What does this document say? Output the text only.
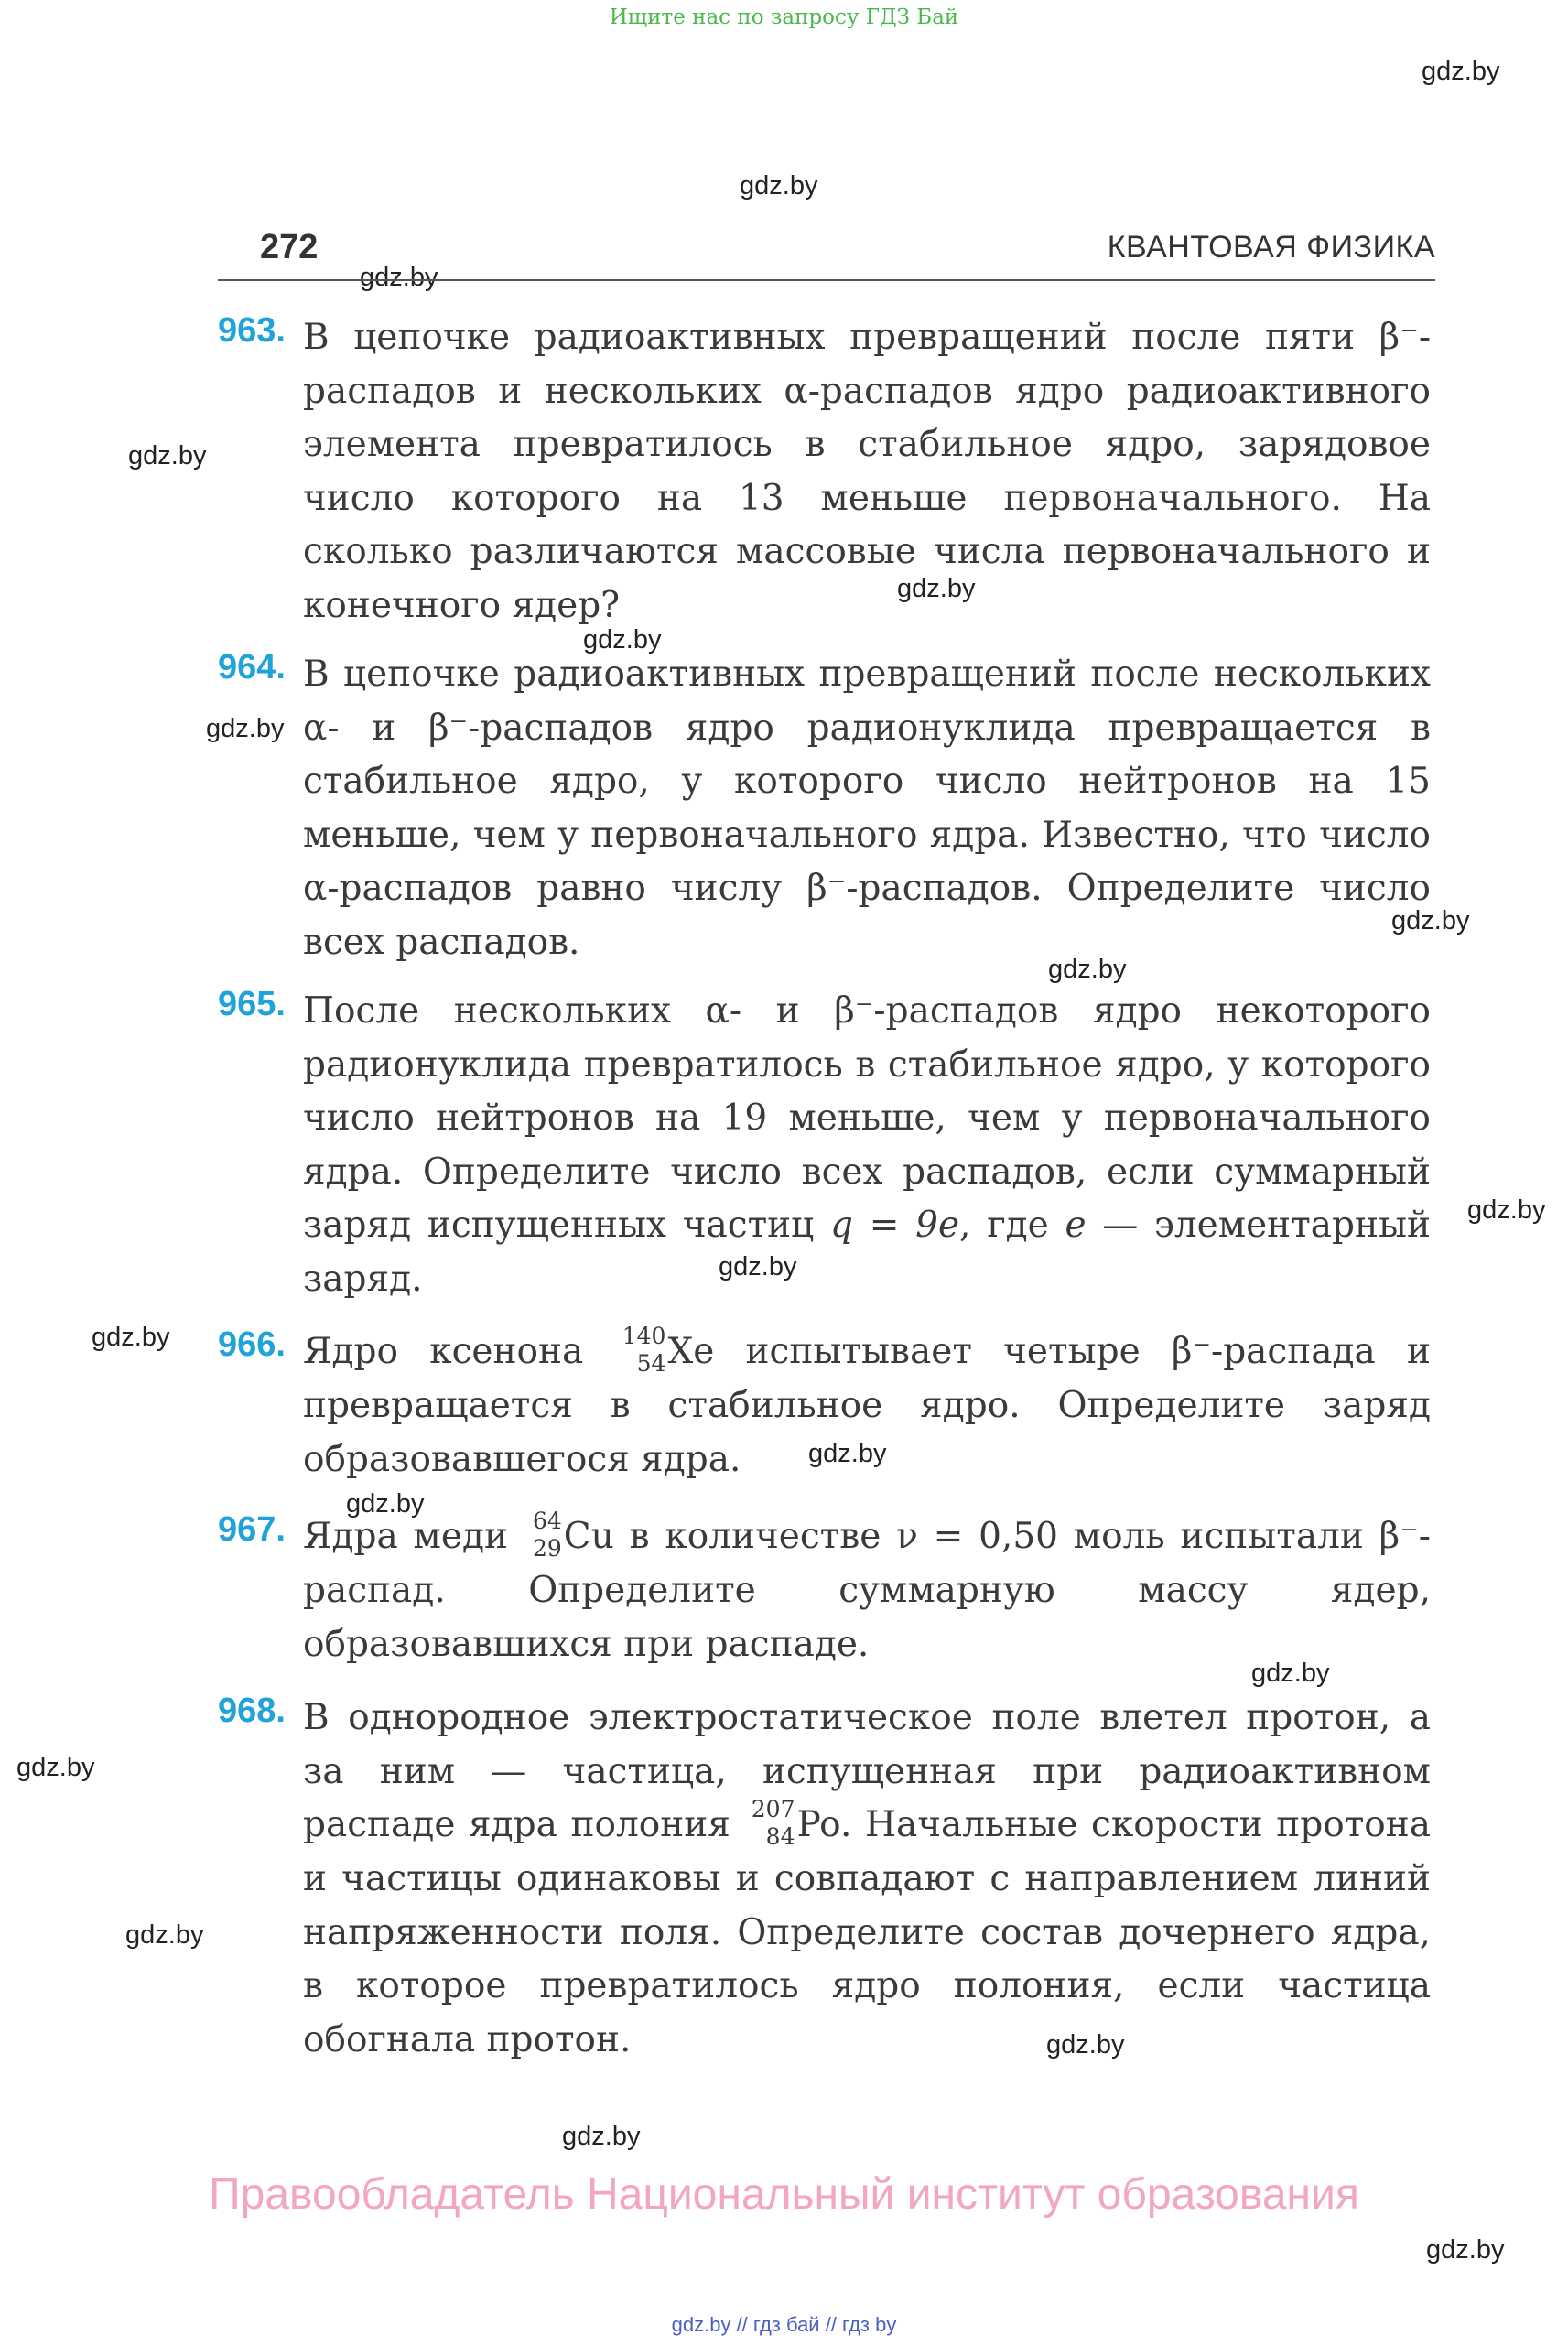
Ищите нас по запросу ГДЗ Бай
gdz.by
gdz.by
gdz.by
gdz.by
gdz.by
gdz.by
gdz.by
gdz.by
gdz.by
gdz.by
gdz.by
gdz.by
gdz.by
gdz.by
gdz.by
gdz.by
gdz.by
gdz.by
gdz.by
gdz.by
272	КВАНТОВАЯ ФИЗИКА
963. В цепочке радиоактивных превращений после пяти β⁻-распадов и нескольких α-распадов ядро радиоактивного элемента превратилось в стабильное ядро, зарядовое число которого на 13 меньше первоначального. На сколько различаются массовые числа первоначального и конечного ядер?
964. В цепочке радиоактивных превращений после нескольких α- и β⁻-распадов ядро радионуклида превращается в стабильное ядро, у которого число нейтронов на 15 меньше, чем у первоначального ядра. Известно, что число α-распадов равно числу β⁻-распадов. Определите число всех распадов.
965. После нескольких α- и β⁻-распадов ядро некоторого радионуклида превратилось в стабильное ядро, у которого число нейтронов на 19 меньше, чем у первоначального ядра. Определите число всех распадов, если суммарный заряд испущенных частиц q = 9e, где e — элементарный заряд.
966. Ядро ксенона 140
54 Xe испытывает четыре β⁻-распада и превращается в стабильное ядро. Определите заряд образовавшегося ядра.
967. Ядра меди 64
29 Cu в количестве ν = 0,50 моль испытали β⁻-распад. Определите суммарную массу ядер, образовавшихся при распаде.
968. В однородное электростатическое поле влетел протон, а за ним — частица, испущенная при радиоактивном распаде ядра полония 207
84 Po. Начальные скорости протона и частицы одинаковы и совпадают с направлением линий напряженности поля. Определите состав дочернего ядра, в которое превратилось ядро полония, если частица обогнала протон.
Правообладатель Национальный институт образования
gdz.by // гдз бай // гдз by
